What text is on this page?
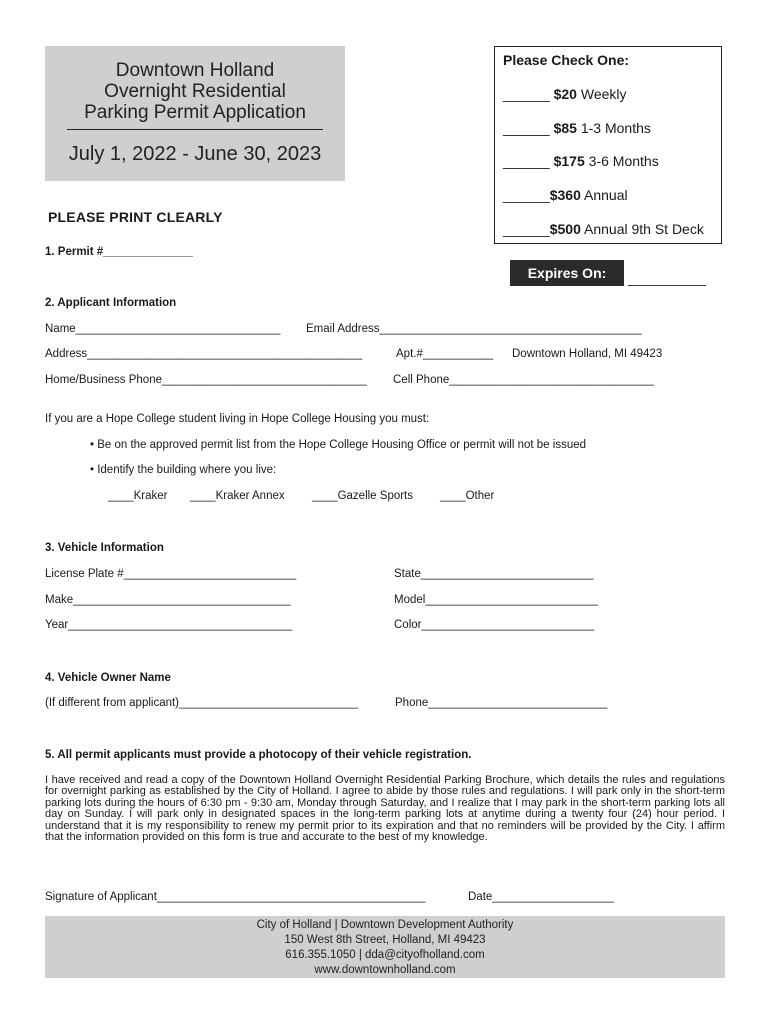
Downtown Holland
Overnight Residential
Parking Permit Application
July 1, 2022 - June 30, 2023
Please Check One:
______ $20 Weekly
______ $85 1-3 Months
______ $175 3-6 Months
______$360 Annual
______$500 Annual 9th St Deck
Expires On:	__________
PLEASE PRINT CLEARLY
1. Permit #______________
2. Applicant Information
Name________________________________ Email Address_________________________________________
Address___________________________________________	Apt.#___________ Downtown Holland, MI 49423
Home/Business Phone________________________________ Cell Phone________________________________
If you are a Hope College student living in Hope College Housing you must:
• Be on the approved permit list from the Hope College Housing Office or permit will not be issued
• Identify the building where you live:
____Kraker ____Kraker Annex ____Gazelle Sports ____Other
3. Vehicle Information
License Plate #___________________________	State___________________________
Make__________________________________	Model___________________________
Year___________________________________	Color___________________________
4. Vehicle Owner Name
(If different from applicant)____________________________	Phone____________________________
5. All permit applicants must provide a photocopy of their vehicle registration.
I have received and read a copy of the Downtown Holland Overnight Residential Parking Brochure, which details the rules and regulations for overnight parking as established by the City of Holland. I agree to abide by those rules and regulations. I will park only in the short-term parking lots during the hours of 6:30 pm - 9:30 am, Monday through Saturday, and I realize that I may park in the short-term parking lots all day on Sunday. I will park only in designated spaces in the long-term parking lots at anytime during a twenty four (24) hour period. I understand that it is my responsibility to renew my permit prior to its expiration and that no reminders will be provided by the City. I affirm that the information provided on this form is true and accurate to the best of my knowledge.
Signature of Applicant__________________________________________	Date___________________
City of Holland | Downtown Development Authority
150 West 8th Street, Holland, MI 49423
616.355.1050 | dda@cityofholland.com
www.downtownholland.com
